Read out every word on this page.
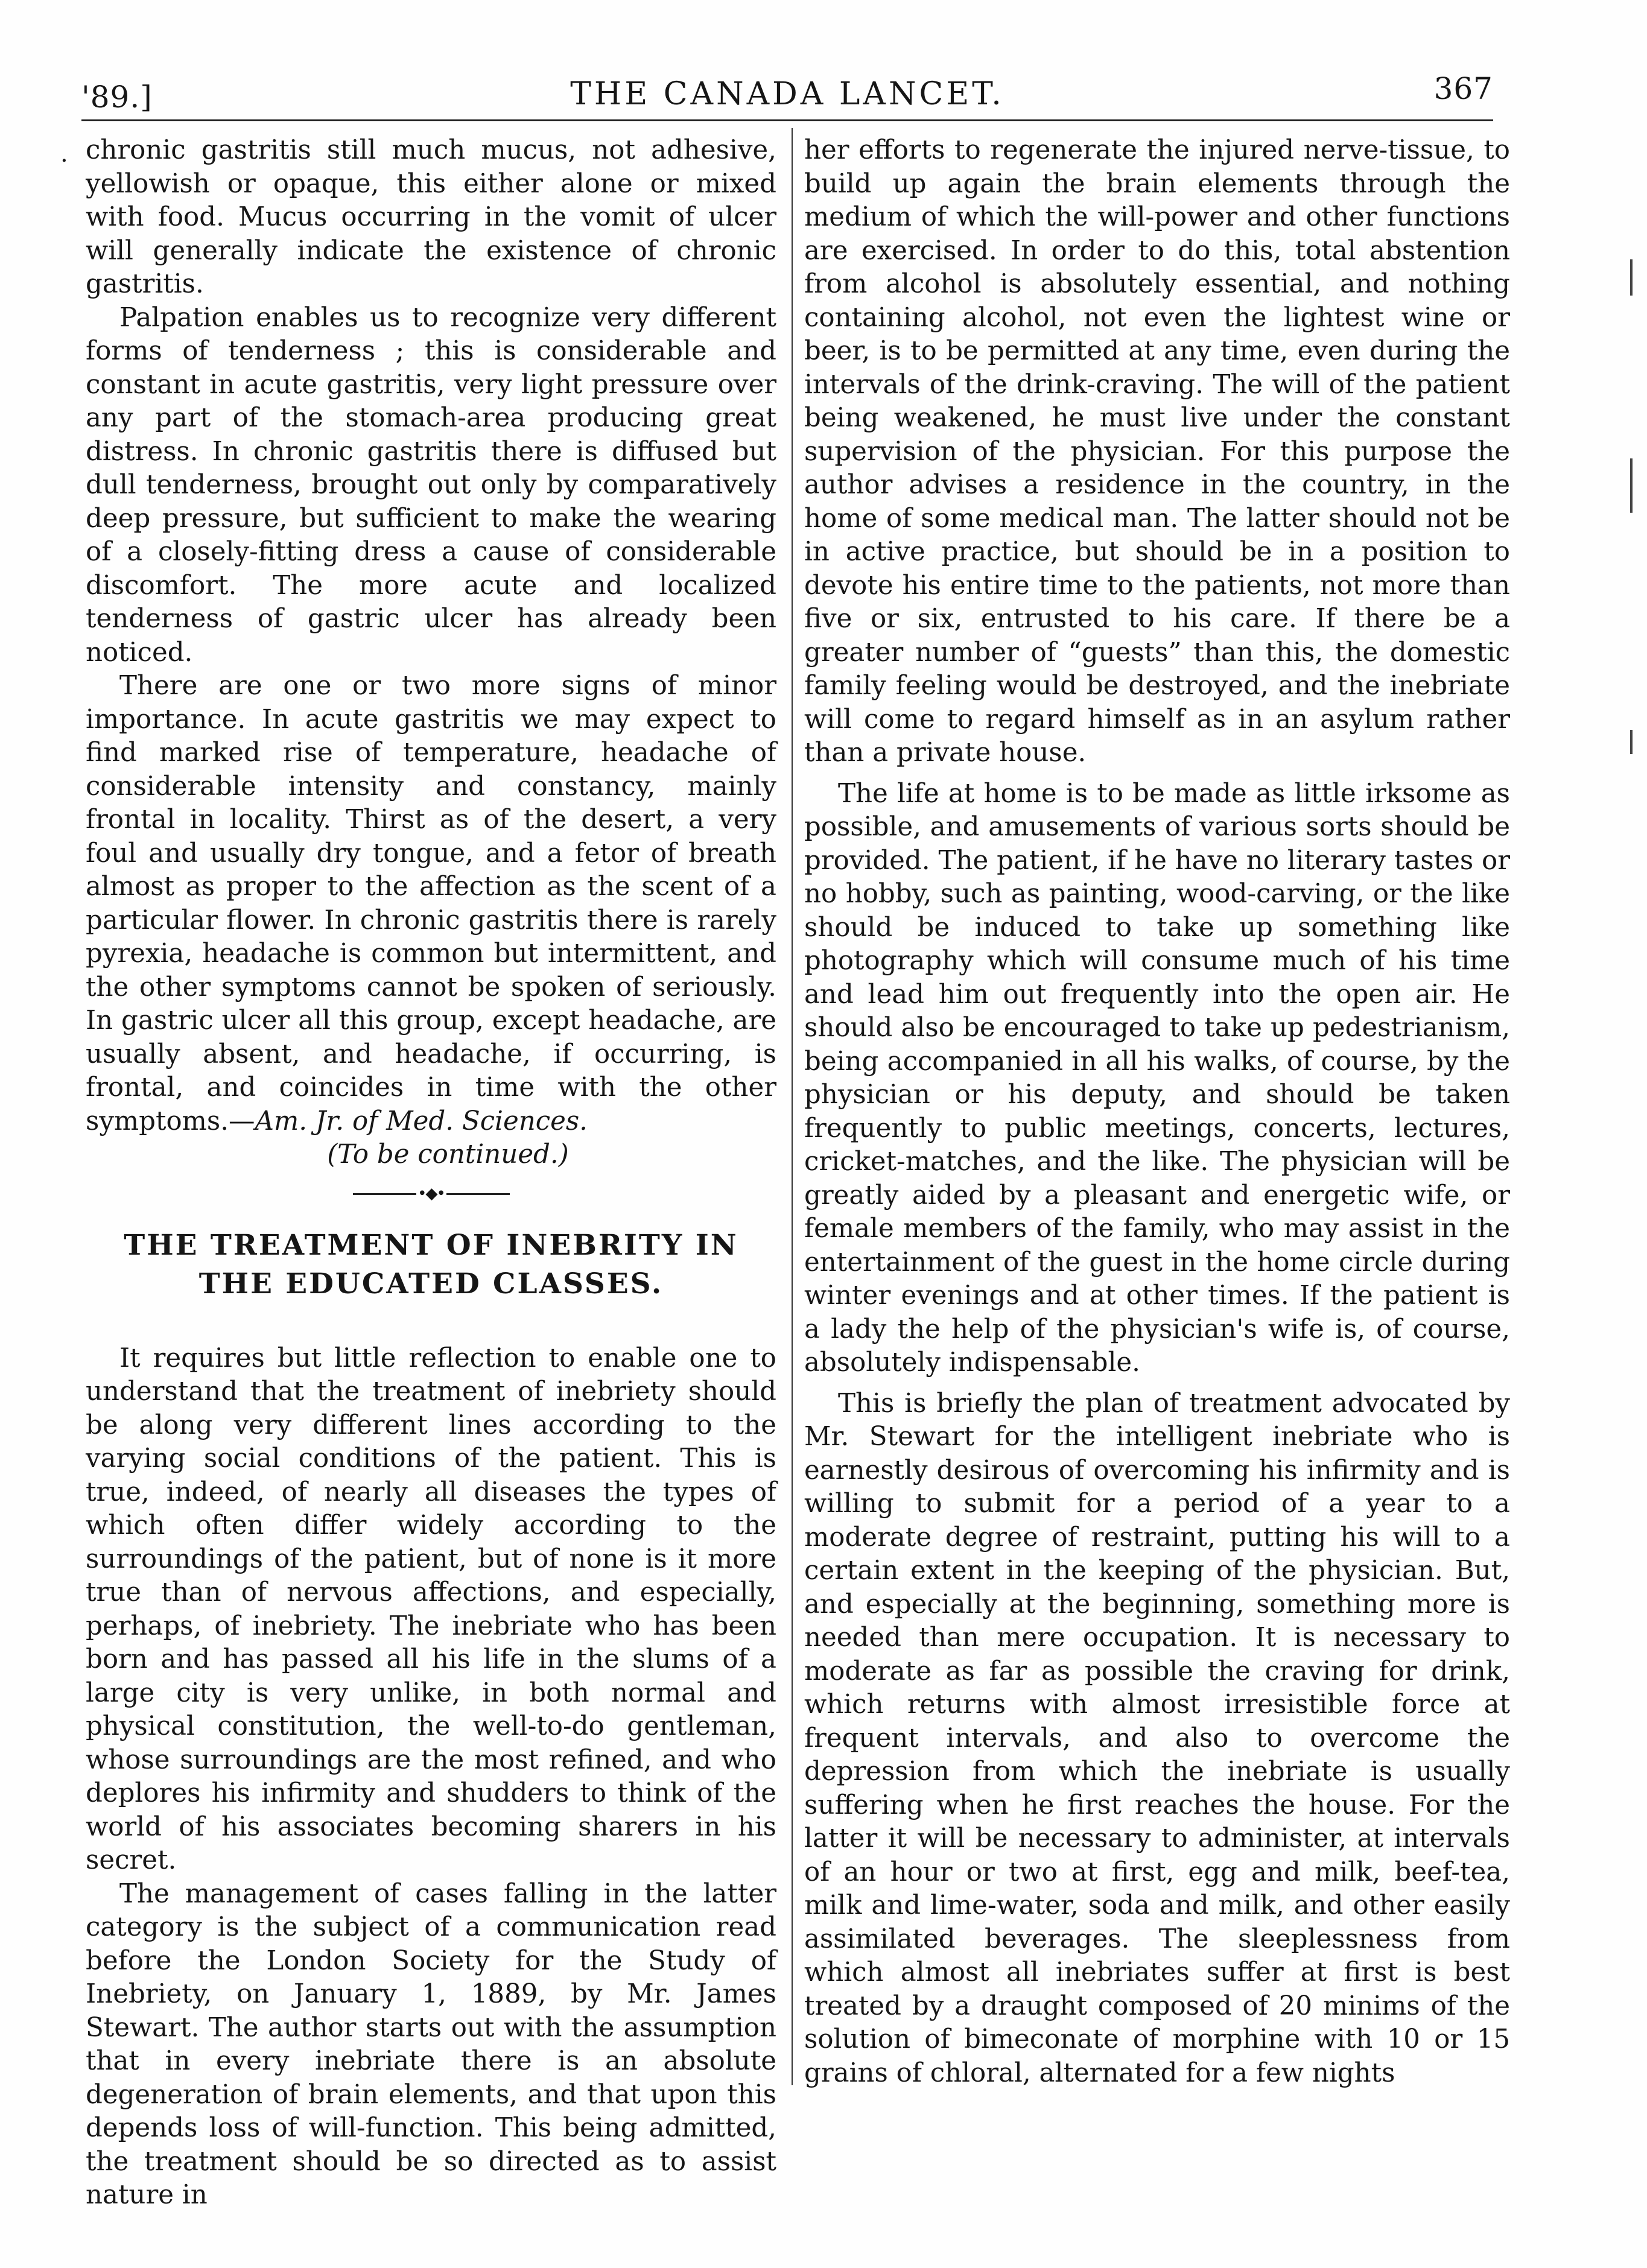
'89.]	THE CANADA LANCET.	367
. chronic gastritis still much mucus, not adhesive, yellowish or opaque, this either alone or mixed with food. Mucus occurring in the vomit of ulcer will generally indicate the existence of chronic gastritis.

Palpation enables us to recognize very different forms of tenderness ; this is considerable and constant in acute gastritis, very light pressure over any part of the stomach-area producing great distress. In chronic gastritis there is diffused but dull tenderness, brought out only by comparatively deep pressure, but sufficient to make the wearing of a closely-fitting dress a cause of considerable discomfort. The more acute and localized tenderness of gastric ulcer has already been noticed.

There are one or two more signs of minor importance. In acute gastritis we may expect to find marked rise of temperature, headache of considerable intensity and constancy, mainly frontal in locality. Thirst as of the desert, a very foul and usually dry tongue, and a fetor of breath almost as proper to the affection as the scent of a particular flower. In chronic gastritis there is rarely pyrexia, headache is common but intermittent, and the other symptoms cannot be spoken of seriously. In gastric ulcer all this group, except headache, are usually absent, and headache, if occurring, is frontal, and coincides in time with the other symptoms.—Am. Jr. of Med. Sciences.

(To be continued.)

•◆•
THE TREATMENT OF INEBRITY IN THE EDUCATED CLASSES.

It requires but little reflection to enable one to understand that the treatment of inebriety should be along very different lines according to the varying social conditions of the patient. This is true, indeed, of nearly all diseases the types of which often differ widely according to the surroundings of the patient, but of none is it more true than of nervous affections, and especially, perhaps, of inebriety. The inebriate who has been born and has passed all his life in the slums of a large city is very unlike, in both normal and physical constitution, the well-to-do gentleman, whose surroundings are the most refined, and who deplores his infirmity and shudders to think of the world of his associates becoming sharers in his secret.

The management of cases falling in the latter category is the subject of a communication read before the London Society for the Study of Inebriety, on January 1, 1889, by Mr. James Stewart. The author starts out with the assumption that in every inebriate there is an absolute degeneration of brain elements, and that upon this depends loss of will-function. This being admitted, the treatment should be so directed as to assist nature in

her efforts to regenerate the injured nerve-tissue, to build up again the brain elements through the medium of which the will-power and other functions are exercised. In order to do this, total abstention from alcohol is absolutely essential, and nothing containing alcohol, not even the lightest wine or beer, is to be permitted at any time, even during the intervals of the drink-craving. The will of the patient being weakened, he must live under the constant supervision of the physician. For this purpose the author advises a residence in the country, in the home of some medical man. The latter should not be in active practice, but should be in a position to devote his entire time to the patients, not more than five or six, entrusted to his care. If there be a greater number of “guests” than this, the domestic family feeling would be destroyed, and the inebriate will come to regard himself as in an asylum rather than a private house.

The life at home is to be made as little irksome as possible, and amusements of various sorts should be provided. The patient, if he have no literary tastes or no hobby, such as painting, wood-carving, or the like should be induced to take up something like photography which will consume much of his time and lead him out frequently into the open air. He should also be encouraged to take up pedestrianism, being accompanied in all his walks, of course, by the physician or his deputy, and should be taken frequently to public meetings, concerts, lectures, cricket-matches, and the like. The physician will be greatly aided by a pleasant and energetic wife, or female members of the family, who may assist in the entertainment of the guest in the home circle during winter evenings and at other times. If the patient is a lady the help of the physician's wife is, of course, absolutely indispensable.

This is briefly the plan of treatment advocated by Mr. Stewart for the intelligent inebriate who is earnestly desirous of overcoming his infirmity and is willing to submit for a period of a year to a moderate degree of restraint, putting his will to a certain extent in the keeping of the physician. But, and especially at the beginning, something more is needed than mere occupation. It is necessary to moderate as far as possible the craving for drink, which returns with almost irresistible force at frequent intervals, and also to overcome the depression from which the inebriate is usually suffering when he first reaches the house. For the latter it will be necessary to administer, at intervals of an hour or two at first, egg and milk, beef-tea, milk and lime-water, soda and milk, and other easily assimilated beverages. The sleeplessness from which almost all inebriates suffer at first is best treated by a draught composed of 20 minims of the solution of bimeconate of morphine with 10 or 15 grains of chloral, alternated for a few nights
